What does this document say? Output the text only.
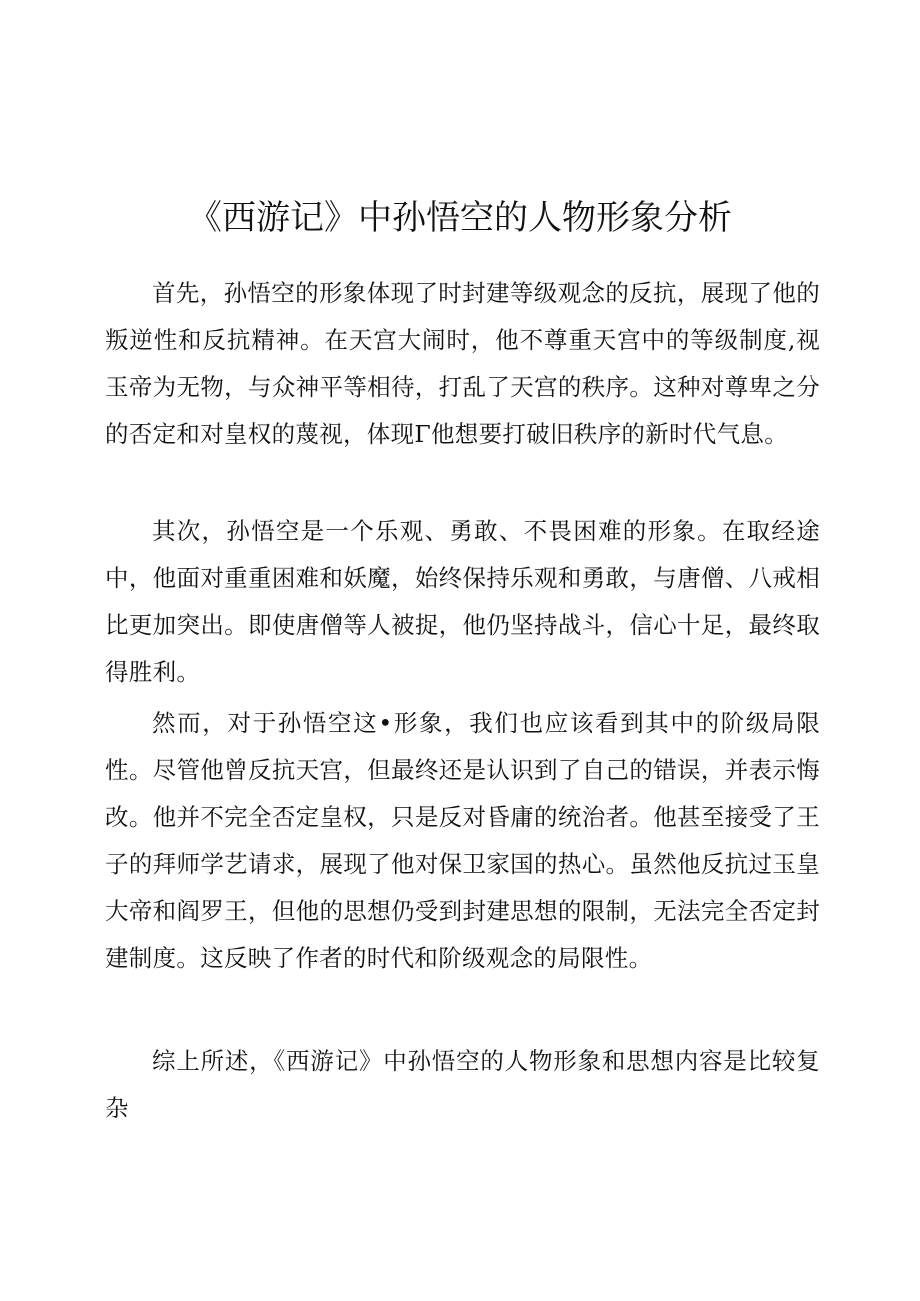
《西游记》中孙悟空的人物形象分析

首先，孙悟空的形象体现了时封建等级观念的反抗，展现了他的叛逆性和反抗精神。在天宫大闹时，他不尊重天宫中的等级制度,视玉帝为无物，与众神平等相待，打乱了天宫的秩序。这种对尊卑之分的否定和对皇权的蔑视，体现Γ他想要打破旧秩序的新时代气息。

其次，孙悟空是一个乐观、勇敢、不畏困难的形象。在取经途中，他面对重重困难和妖魔，始终保持乐观和勇敢，与唐僧、八戒相比更加突出。即使唐僧等人被捉，他仍坚持战斗，信心十足，最终取得胜利。

然而，对于孙悟空这•形象，我们也应该看到其中的阶级局限性。尽管他曾反抗天宫，但最终还是认识到了自己的错误，并表示悔改。他并不完全否定皇权，只是反对昏庸的统治者。他甚至接受了王子的拜师学艺请求，展现了他对保卫家国的热心。虽然他反抗过玉皇大帝和阎罗王，但他的思想仍受到封建思想的限制，无法完全否定封建制度。这反映了作者的时代和阶级观念的局限性。

综上所述，《西游记》中孙悟空的人物形象和思想内容是比较复杂
